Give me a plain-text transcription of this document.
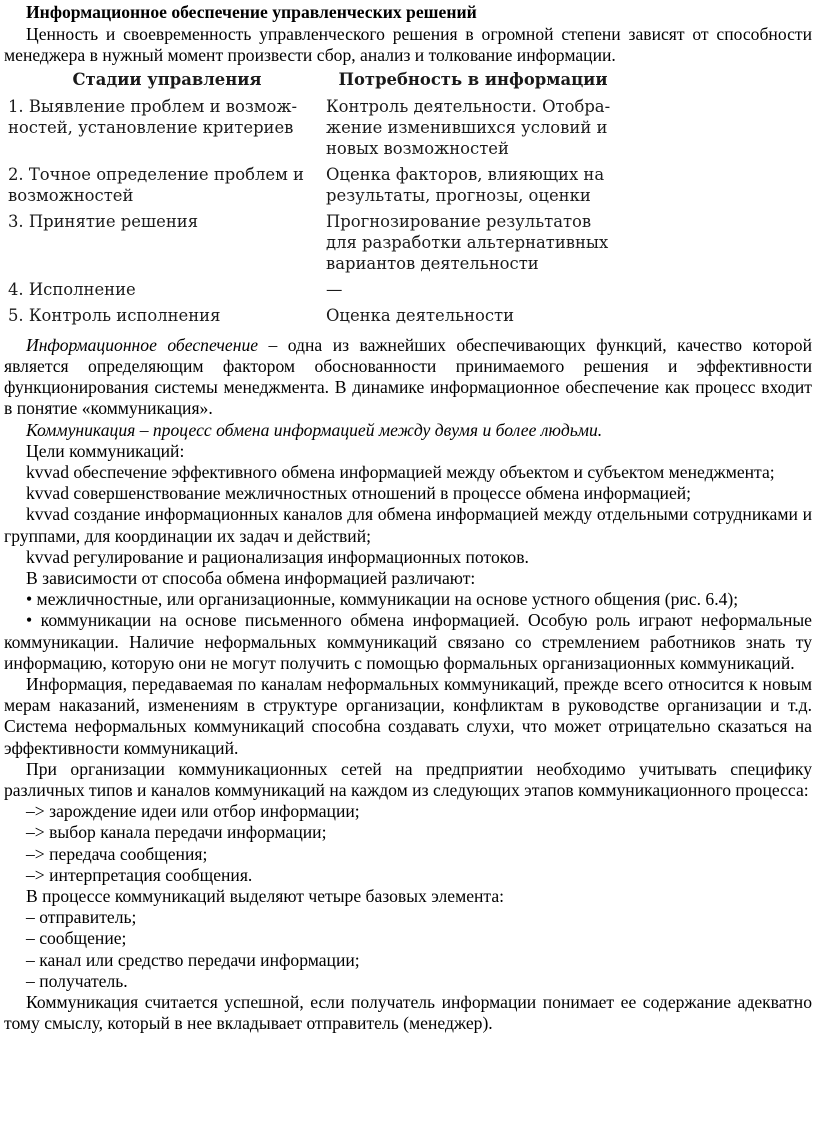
Информационное обеспечение управленческих решений

Ценность и своевременность управленческого решения в огромной степени зависят от способности менеджера в нужный момент произвести сбор, анализ и толкование информации.

Стадии управления	Потребность в информации
1. Выявление проблем и возмож-ностей, установление критериев	Контроль деятельности. Отобра-жение изменившихся условий и новых возможностей
2. Точное определение проблем и возможностей	Оценка факторов, влияющих на результаты, прогнозы, оценки
3. Принятие решения	Прогнозирование результатов для разработки альтернативных вариантов деятельности
4. Исполнение	—
5. Контроль исполнения	Оценка деятельности

Информационное обеспечение – одна из важнейших обеспечивающих функций, качество которой является определяющим фактором обоснованности принимаемого решения и эффективности функционирования системы менеджмента. В динамике информационное обеспечение как процесс входит в понятие «коммуникация».

Коммуникация – процесс обмена информацией между двумя и более людьми.

Цели коммуникаций:

kvvad обеспечение эффективного обмена информацией между объектом и субъектом менеджмента;

kvvad совершенствование межличностных отношений в процессе обмена информацией;

kvvad создание информационных каналов для обмена информацией между отдельными сотрудниками и группами, для координации их задач и действий;

kvvad регулирование и рационализация информационных потоков.

В зависимости от способа обмена информацией различают:

• межличностные, или организационные, коммуникации на основе устного общения (рис. 6.4);

• коммуникации на основе письменного обмена информацией. Особую роль играют неформальные коммуникации. Наличие неформальных коммуникаций связано со стремлением работников знать ту информацию, которую они не могут получить с помощью формальных организационных коммуникаций.

Информация, передаваемая по каналам неформальных коммуникаций, прежде всего относится к новым мерам наказаний, изменениям в структуре организации, конфликтам в руководстве организации и т.д. Система неформальных коммуникаций способна создавать слухи, что может отрицательно сказаться на эффективности коммуникаций.

При организации коммуникационных сетей на предприятии необходимо учитывать специфику различных типов и каналов коммуникаций на каждом из следующих этапов коммуникационного процесса:

–> зарождение идеи или отбор информации;

–> выбор канала передачи информации;

–> передача сообщения;

–> интерпретация сообщения.

В процессе коммуникаций выделяют четыре базовых элемента:

– отправитель;

– сообщение;

– канал или средство передачи информации;

– получатель.

Коммуникация считается успешной, если получатель информации понимает ее содержание адекватно тому смыслу, который в нее вкладывает отправитель (менеджер).
